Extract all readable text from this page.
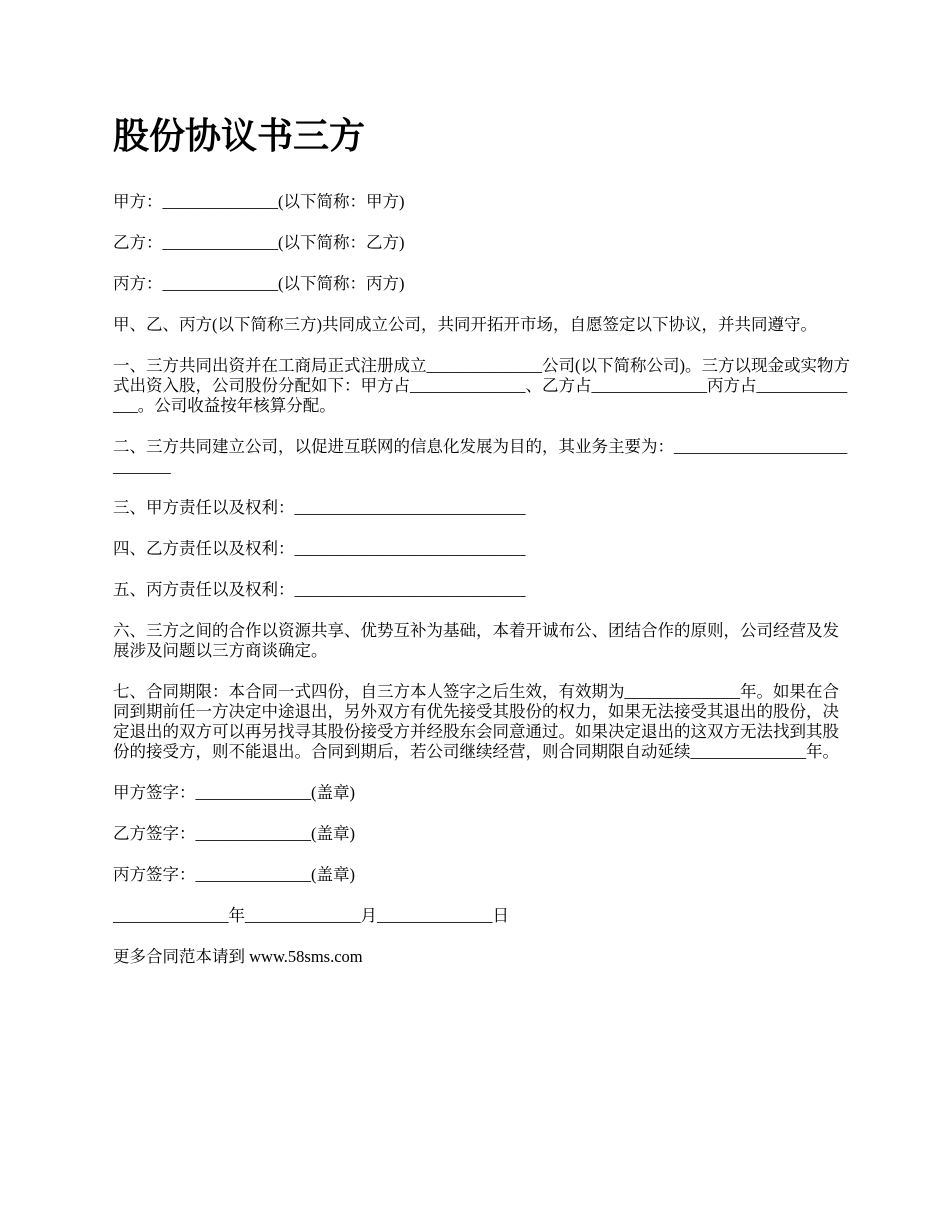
股份协议书三方

甲方：______________(以下简称：甲方)

乙方：______________(以下简称：乙方)

丙方：______________(以下简称：丙方)

甲、乙、丙方(以下简称三方)共同成立公司，共同开拓开市场，自愿签定以下协议，并共同遵守。

一、三方共同出资并在工商局正式注册成立______________公司(以下简称公司)。三方以现金或实物方式出资入股，公司股份分配如下：甲方占______________、乙方占______________丙方占______________。公司收益按年核算分配。

二、三方共同建立公司，以促进互联网的信息化发展为目的，其业务主要为：____________________________

三、甲方责任以及权利：____________________________

四、乙方责任以及权利：____________________________

五、丙方责任以及权利：____________________________

六、三方之间的合作以资源共享、优势互补为基础，本着开诚布公、团结合作的原则，公司经营及发展涉及问题以三方商谈确定。

七、合同期限：本合同一式四份，自三方本人签字之后生效，有效期为______________年。如果在合同到期前任一方决定中途退出，另外双方有优先接受其股份的权力，如果无法接受其退出的股份，决定退出的双方可以再另找寻其股份接受方并经股东会同意通过。如果决定退出的这双方无法找到其股份的接受方，则不能退出。合同到期后，若公司继续经营，则合同期限自动延续______________年。

甲方签字：______________(盖章)

乙方签字：______________(盖章)

丙方签字：______________(盖章)

______________年______________月______________日

更多合同范本请到 www.58sms.com
